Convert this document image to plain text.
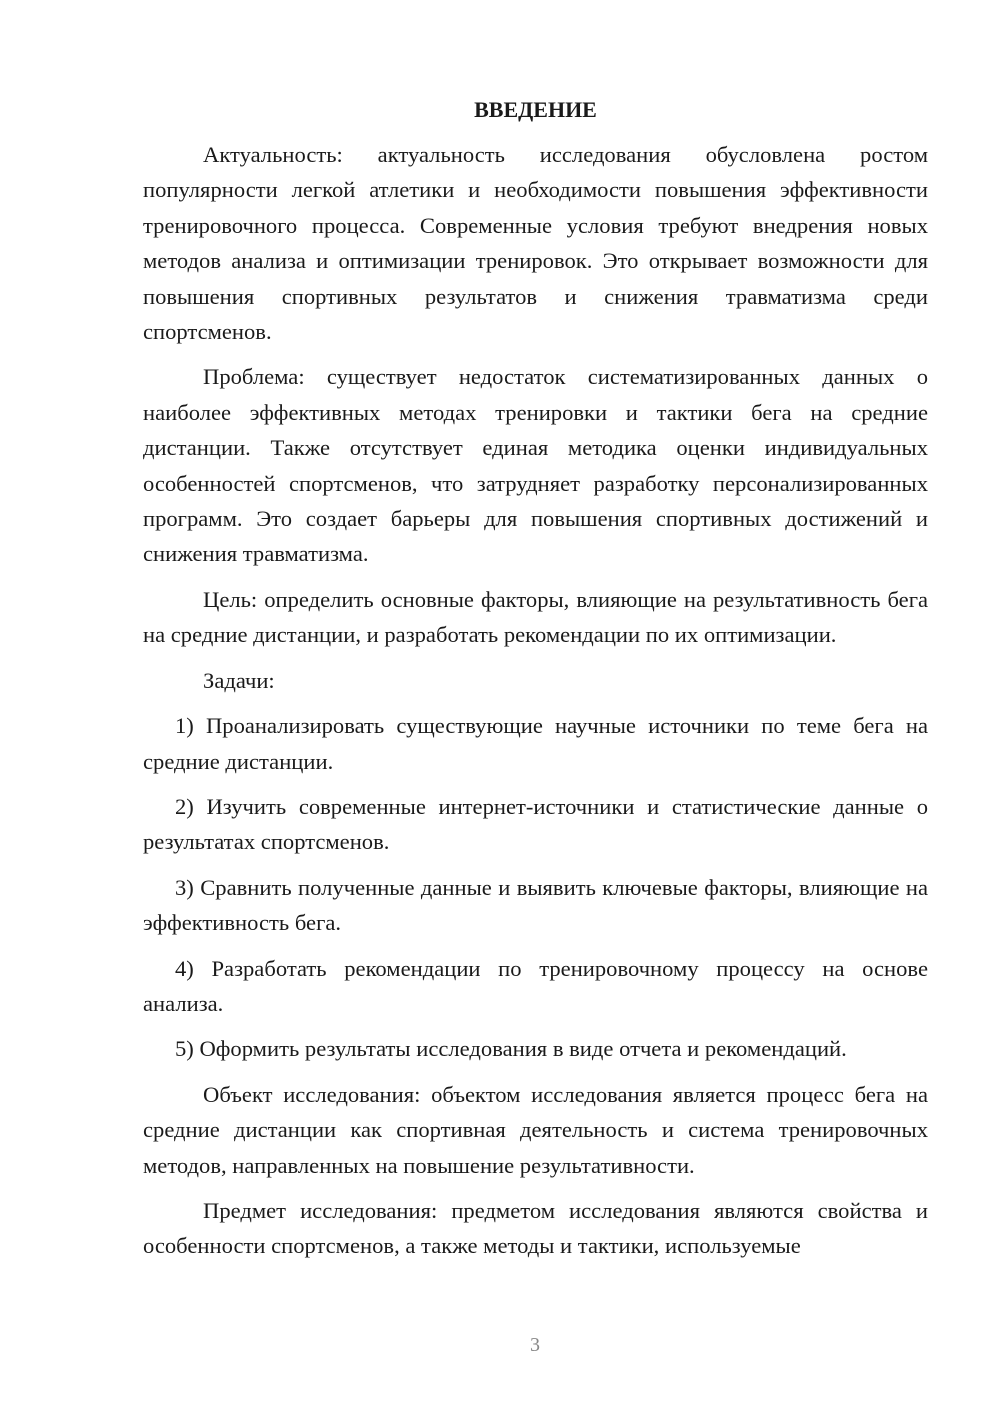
ВВЕДЕНИЕ

Актуальность: актуальность исследования обусловлена ростом популярности легкой атлетики и необходимости повышения эффективности тренировочного процесса. Современные условия требуют внедрения новых методов анализа и оптимизации тренировок. Это открывает возможности для повышения спортивных результатов и снижения травматизма среди спортсменов.

Проблема: существует недостаток систематизированных данных о наиболее эффективных методах тренировки и тактики бега на средние дистанции. Также отсутствует единая методика оценки индивидуальных особенностей спортсменов, что затрудняет разработку персонализированных программ. Это создает барьеры для повышения спортивных достижений и снижения травматизма.

Цель: определить основные факторы, влияющие на результативность бега на средние дистанции, и разработать рекомендации по их оптимизации.

Задачи:

1) Проанализировать существующие научные источники по теме бега на средние дистанции.

2) Изучить современные интернет-источники и статистические данные о результатах спортсменов.

3) Сравнить полученные данные и выявить ключевые факторы, влияющие на эффективность бега.

4) Разработать рекомендации по тренировочному процессу на основе анализа.

5) Оформить результаты исследования в виде отчета и рекомендаций.

Объект исследования: объектом исследования является процесс бега на средние дистанции как спортивная деятельность и система тренировочных методов, направленных на повышение результативности.

Предмет исследования: предметом исследования являются свойства и особенности спортсменов, а также методы и тактики, используемые

3
